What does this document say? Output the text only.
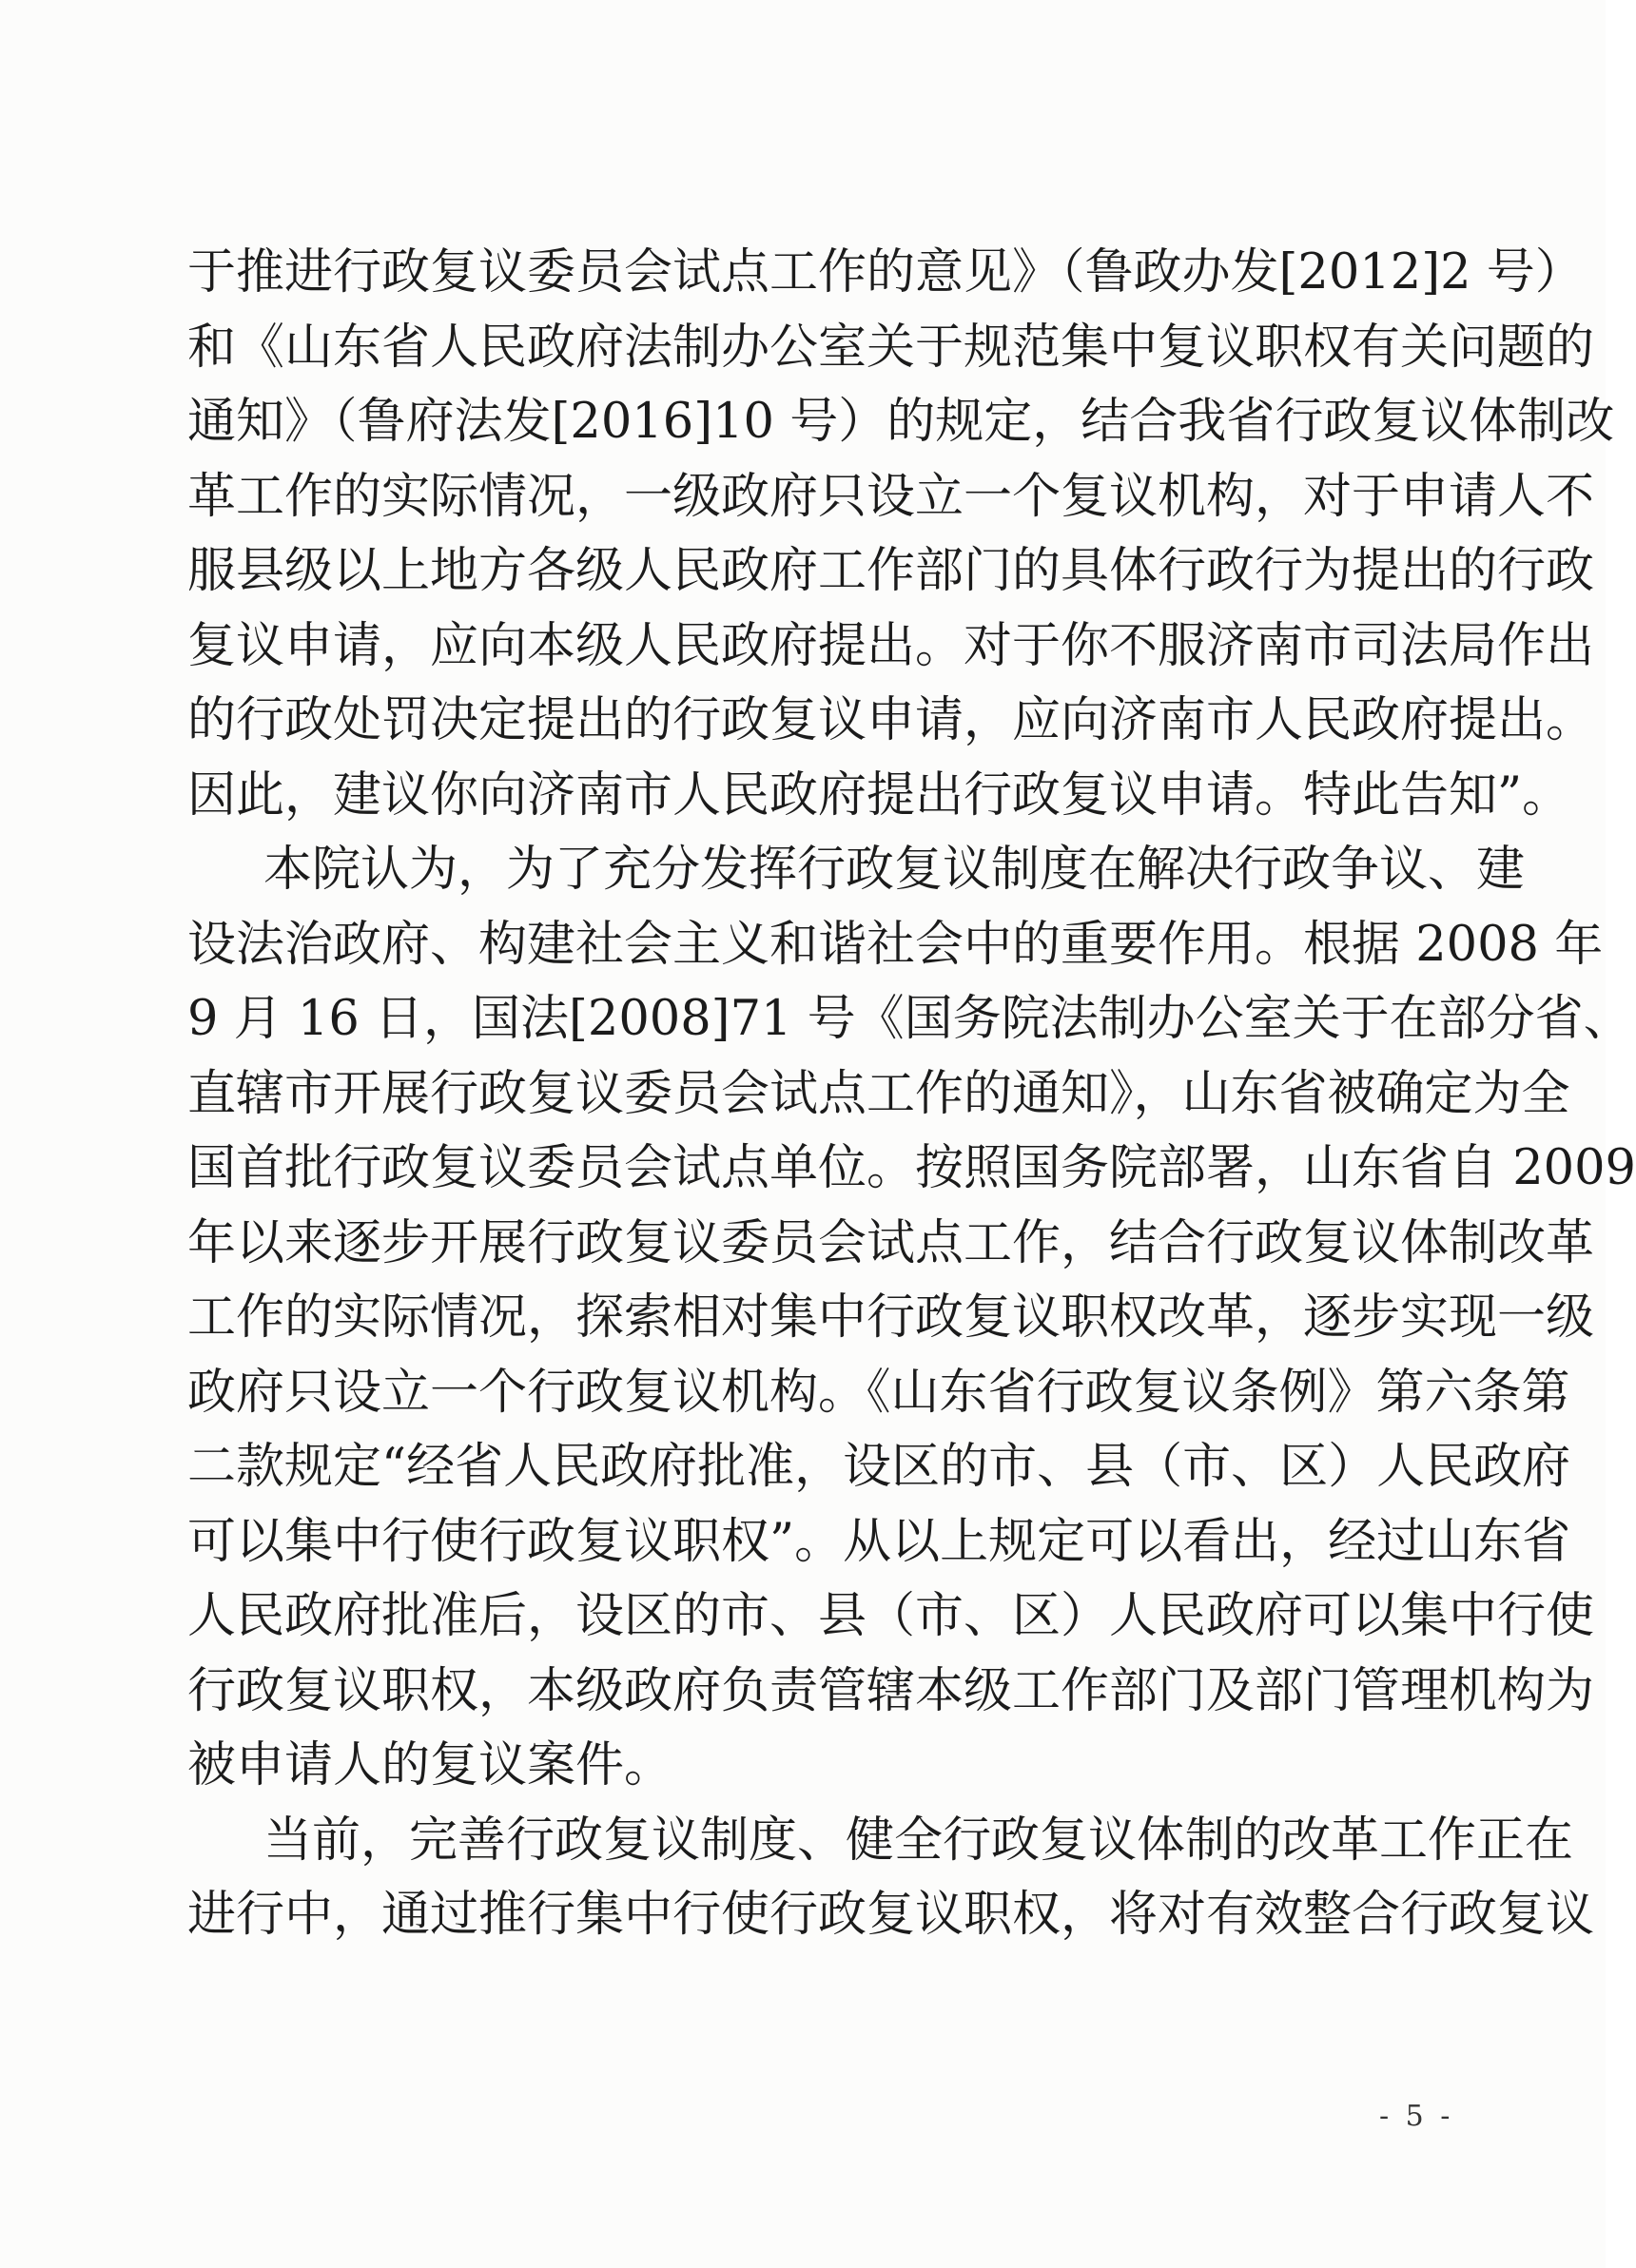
于推进行政复议委员会试点工作的意见》（鲁政办发[2012]2 号）
和《山东省人民政府法制办公室关于规范集中复议职权有关问题的
通知》（鲁府法发[2016]10 号）的规定，结合我省行政复议体制改
革工作的实际情况，一级政府只设立一个复议机构，对于申请人不
服县级以上地方各级人民政府工作部门的具体行政行为提出的行政
复议申请，应向本级人民政府提出。对于你不服济南市司法局作出
的行政处罚决定提出的行政复议申请，应向济南市人民政府提出。
因此，建议你向济南市人民政府提出行政复议申请。特此告知”。
本院认为，为了充分发挥行政复议制度在解决行政争议、建
设法治政府、构建社会主义和谐社会中的重要作用。根据 2008 年
9 月 16 日，国法[2008]71 号《国务院法制办公室关于在部分省、
直辖市开展行政复议委员会试点工作的通知》，山东省被确定为全
国首批行政复议委员会试点单位。按照国务院部署，山东省自 2009
年以来逐步开展行政复议委员会试点工作，结合行政复议体制改革
工作的实际情况，探索相对集中行政复议职权改革，逐步实现一级
政府只设立一个行政复议机构。《山东省行政复议条例》第六条第
二款规定“经省人民政府批准，设区的市、县（市、区）人民政府
可以集中行使行政复议职权”。从以上规定可以看出，经过山东省
人民政府批准后，设区的市、县（市、区）人民政府可以集中行使
行政复议职权，本级政府负责管辖本级工作部门及部门管理机构为
被申请人的复议案件。
当前，完善行政复议制度、健全行政复议体制的改革工作正在
进行中，通过推行集中行使行政复议职权，将对有效整合行政复议
- 5 -
